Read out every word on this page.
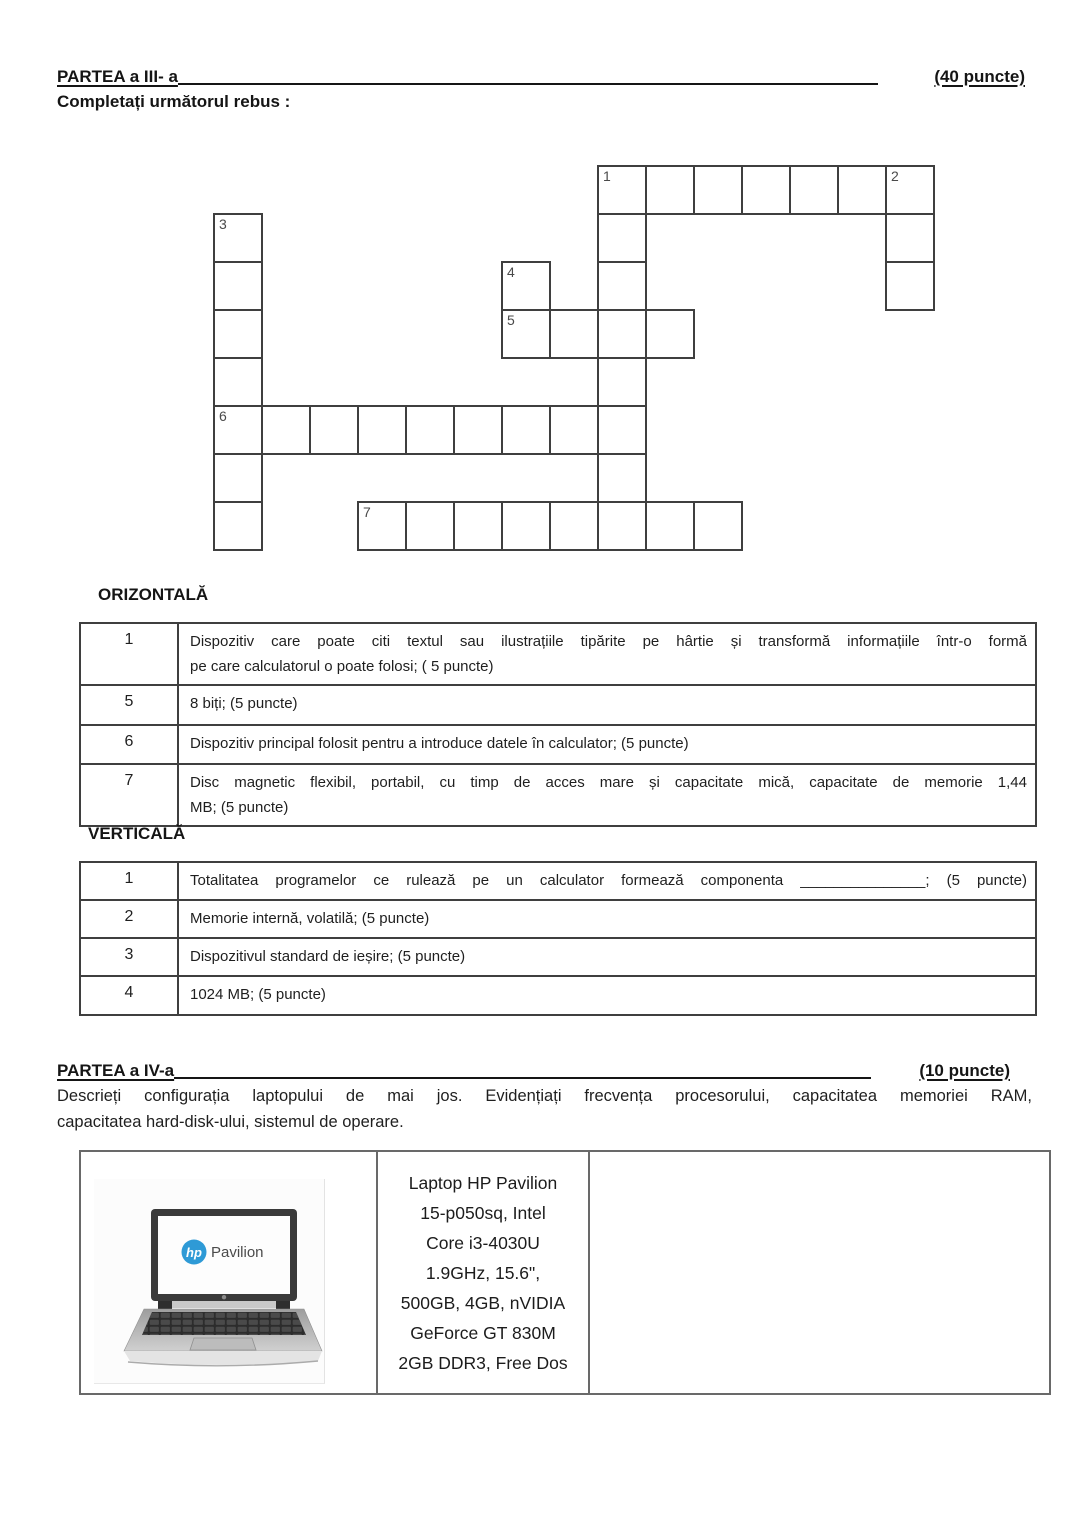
PARTEA a III- a	(40 puncte)
Completați următorul rebus :
1	2
3
4
5
6
7
ORIZONTALĂ
1	Dispozitiv care poate citi textul sau ilustrațiile tipărite pe hârtie și transformă informațiile într-o formă
pe care calculatorul o poate folosi; ( 5 puncte)

5	8 biți; (5 puncte)

6	Dispozitiv principal folosit pentru a introduce datele în calculator; (5 puncte)

7	Disc magnetic flexibil, portabil, cu timp de acces mare și capacitate mică, capacitate de memorie 1,44
MB; (5 puncte)
VERTICALĂ
1	Totalitatea programelor ce rulează pe un calculator formează componenta _______________; (5 puncte)

2	Memorie internă, volatilă; (5 puncte)

3	Dispozitivul standard de ieșire; (5 puncte)

4	1024 MB; (5 puncte)
PARTEA a IV-a	(10 puncte)
Descrieți configurația laptopului de mai jos. Evidențiați frecvența procesorului, capacitatea memoriei RAM,
capacitatea hard-disk-ului, sistemul de operare.
hp Pavilion

Laptop HP Pavilion
15-p050sq, Intel
Core i3-4030U
1.9GHz, 15.6",
500GB, 4GB, nVIDIA
GeForce GT 830M
2GB DDR3, Free Dos
